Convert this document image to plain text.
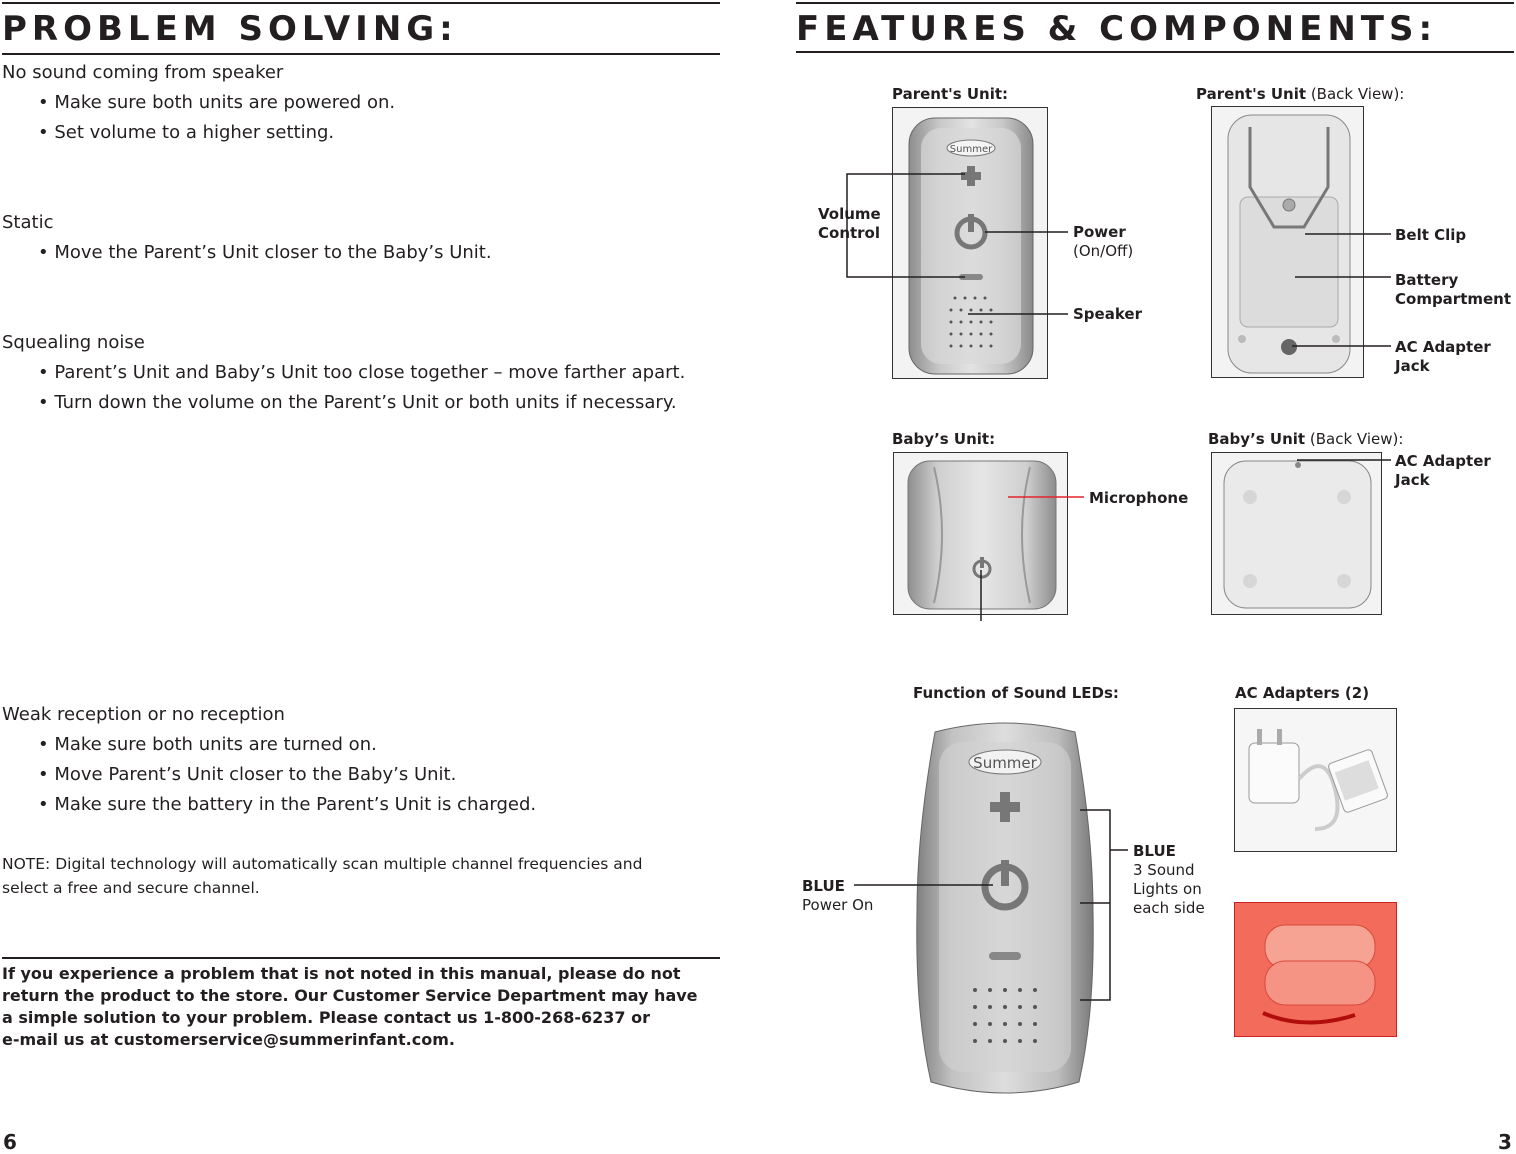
PROBLEM SOLVING:
No sound coming from speaker
• Make sure both units are powered on.
• Set volume to a higher setting.
Static
• Move the Parent’s Unit closer to the Baby’s Unit.
Squealing noise
• Parent’s Unit and Baby’s Unit too close together – move farther apart.
• Turn down the volume on the Parent’s Unit or both units if necessary.
Weak reception or no reception
• Make sure both units are turned on.
• Move Parent’s Unit closer to the Baby’s Unit.
• Make sure the battery in the Parent’s Unit is charged.
NOTE: Digital technology will automatically scan multiple channel frequencies and
select a free and secure channel.
If you experience a problem that is not noted in this manual, please do not
return the product to the store. Our Customer Service Department may have
a simple solution to your problem. Please contact us 1-800-268-6237 or
e-mail us at customerservice@summerinfant.com.
6
FEATURES & COMPONENTS:
Parent's Unit:
Summer
Volume
Control	Power
(On/Off)
Speaker
Parent's Unit (Back View):
Belt Clip
Battery
Compartment
AC Adapter
Jack
Baby’s Unit:
Microphone
Baby’s Unit (Back View):
AC Adapter
Jack
Function of Sound LEDs:
Summer
BLUE
Power On
BLUE
3 Sound
Lights on
each side
AC Adapters (2)
3
